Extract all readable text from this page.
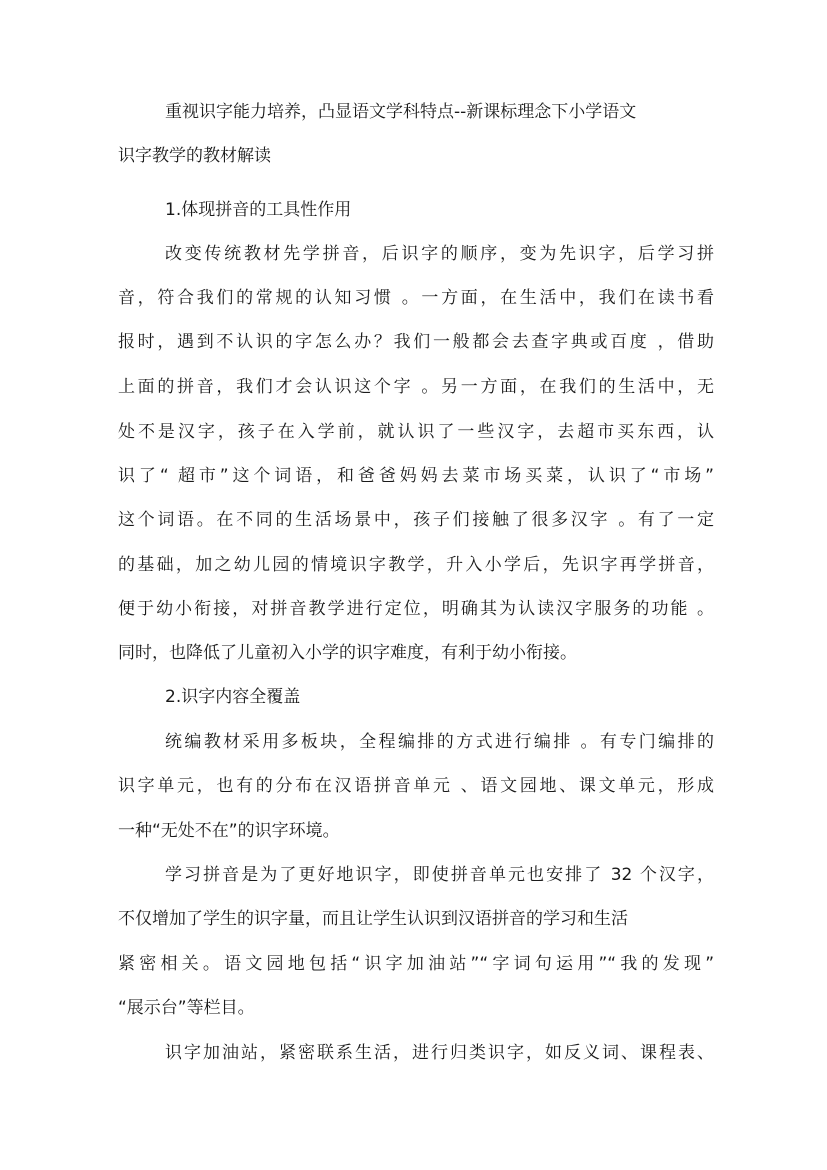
重视识字能力培养，凸显语文学科特点--新课标理念下小学语文
识字教学的教材解读
1.体现拼音的工具性作用
改变传统教材先学拼音，后识字的顺序，变为先识字，后学习拼
音，符合我们的常规的认知习惯 。一方面，在生活中，我们在读书看
报时，遇到不认识的字怎么办？我们一般都会去查字典或百度 ，借助
上面的拼音，我们才会认识这个字 。另一方面，在我们的生活中，无
处不是汉字，孩子在入学前，就认识了一些汉字，去超市买东西，认
识了“ 超市”这个词语，和爸爸妈妈去菜市场买菜，认识了“市场”
这个词语。在不同的生活场景中，孩子们接触了很多汉字 。有了一定
的基础，加之幼儿园的情境识字教学，升入小学后，先识字再学拼音，
便于幼小衔接，对拼音教学进行定位，明确其为认读汉字服务的功能 。
同时，也降低了儿童初入小学的识字难度，有利于幼小衔接。
2.识字内容全覆盖
统编教材采用多板块，全程编排的方式进行编排 。有专门编排的
识字单元，也有的分布在汉语拼音单元 、语文园地、课文单元，形成
一种“无处不在”的识字环境。
学习拼音是为了更好地识字，即使拼音单元也安排了 32 个汉字，
不仅增加了学生的识字量，而且让学生认识到汉语拼音的学习和生活
紧密相关。语文园地包括“识字加油站”“字词句运用”“我的发现”
“展示台”等栏目。
识字加油站，紧密联系生活，进行归类识字，如反义词、课程表、
